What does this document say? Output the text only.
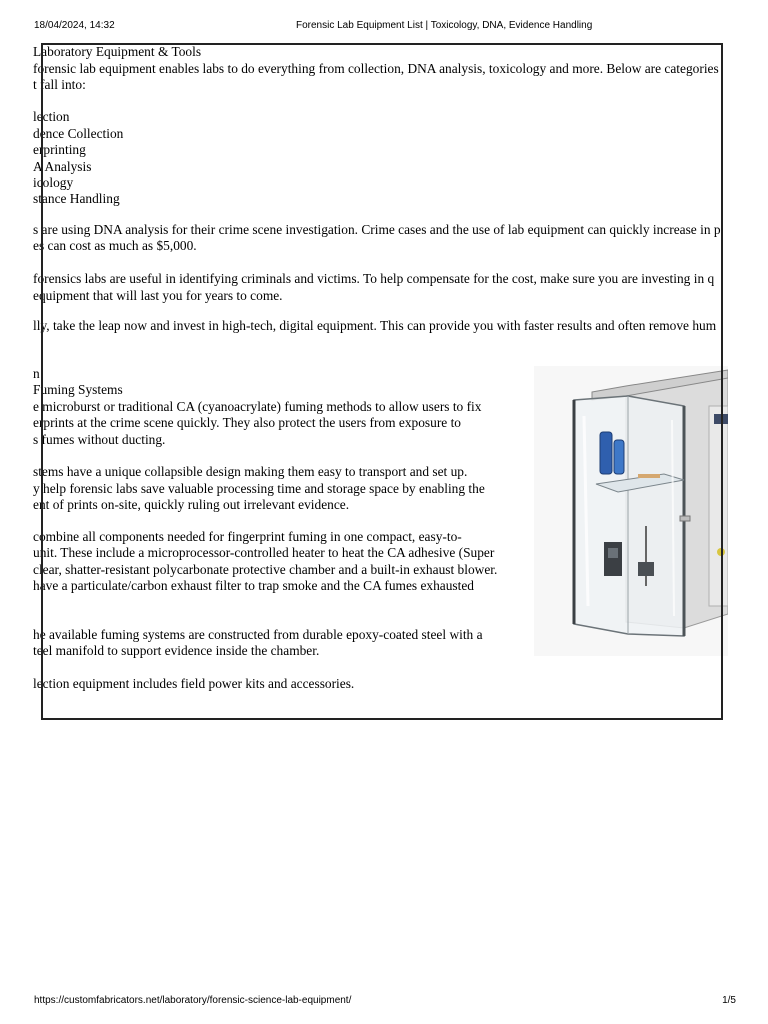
18/04/2024, 14:32	Forensic Lab Equipment List | Toxicology, DNA, Evidence Handling
Laboratory Equipment & Tools
forensic lab equipment enables labs to do everything from collection, DNA analysis, toxicology and more. Below are categories
t fall into:
lection
dence Collection
erprinting
A Analysis
icology
stance Handling
s are using DNA analysis for their crime scene investigation. Crime cases and the use of lab equipment can quickly increase in p
es can cost as much as $5,000.
forensics labs are useful in identifying criminals and victims. To help compensate for the cost, make sure you are investing in q
equipment that will last you for years to come.
lly, take the leap now and invest in high-tech, digital equipment. This can provide you with faster results and often remove hum
n
Fuming Systems
e microburst or traditional CA (cyanoacrylate) fuming methods to allow users to fix
erprints at the crime scene quickly. They also protect the users from exposure to
s fumes without ducting.
stems have a unique collapsible design making them easy to transport and set up.
y help forensic labs save valuable processing time and storage space by enabling the
ent of prints on-site, quickly ruling out irrelevant evidence.
combine all components needed for fingerprint fuming in one compact, easy-to-
unit. These include a microprocessor-controlled heater to heat the CA adhesive (Super
clear, shatter-resistant polycarbonate protective chamber and a built-in exhaust blower.
have a particulate/carbon exhaust filter to trap smoke and the CA fumes exhausted
he available fuming systems are constructed from durable epoxy-coated steel with a
teel manifold to support evidence inside the chamber.
lection equipment includes field power kits and accessories.
https://customfabricators.net/laboratory/forensic-science-lab-equipment/	1/5
